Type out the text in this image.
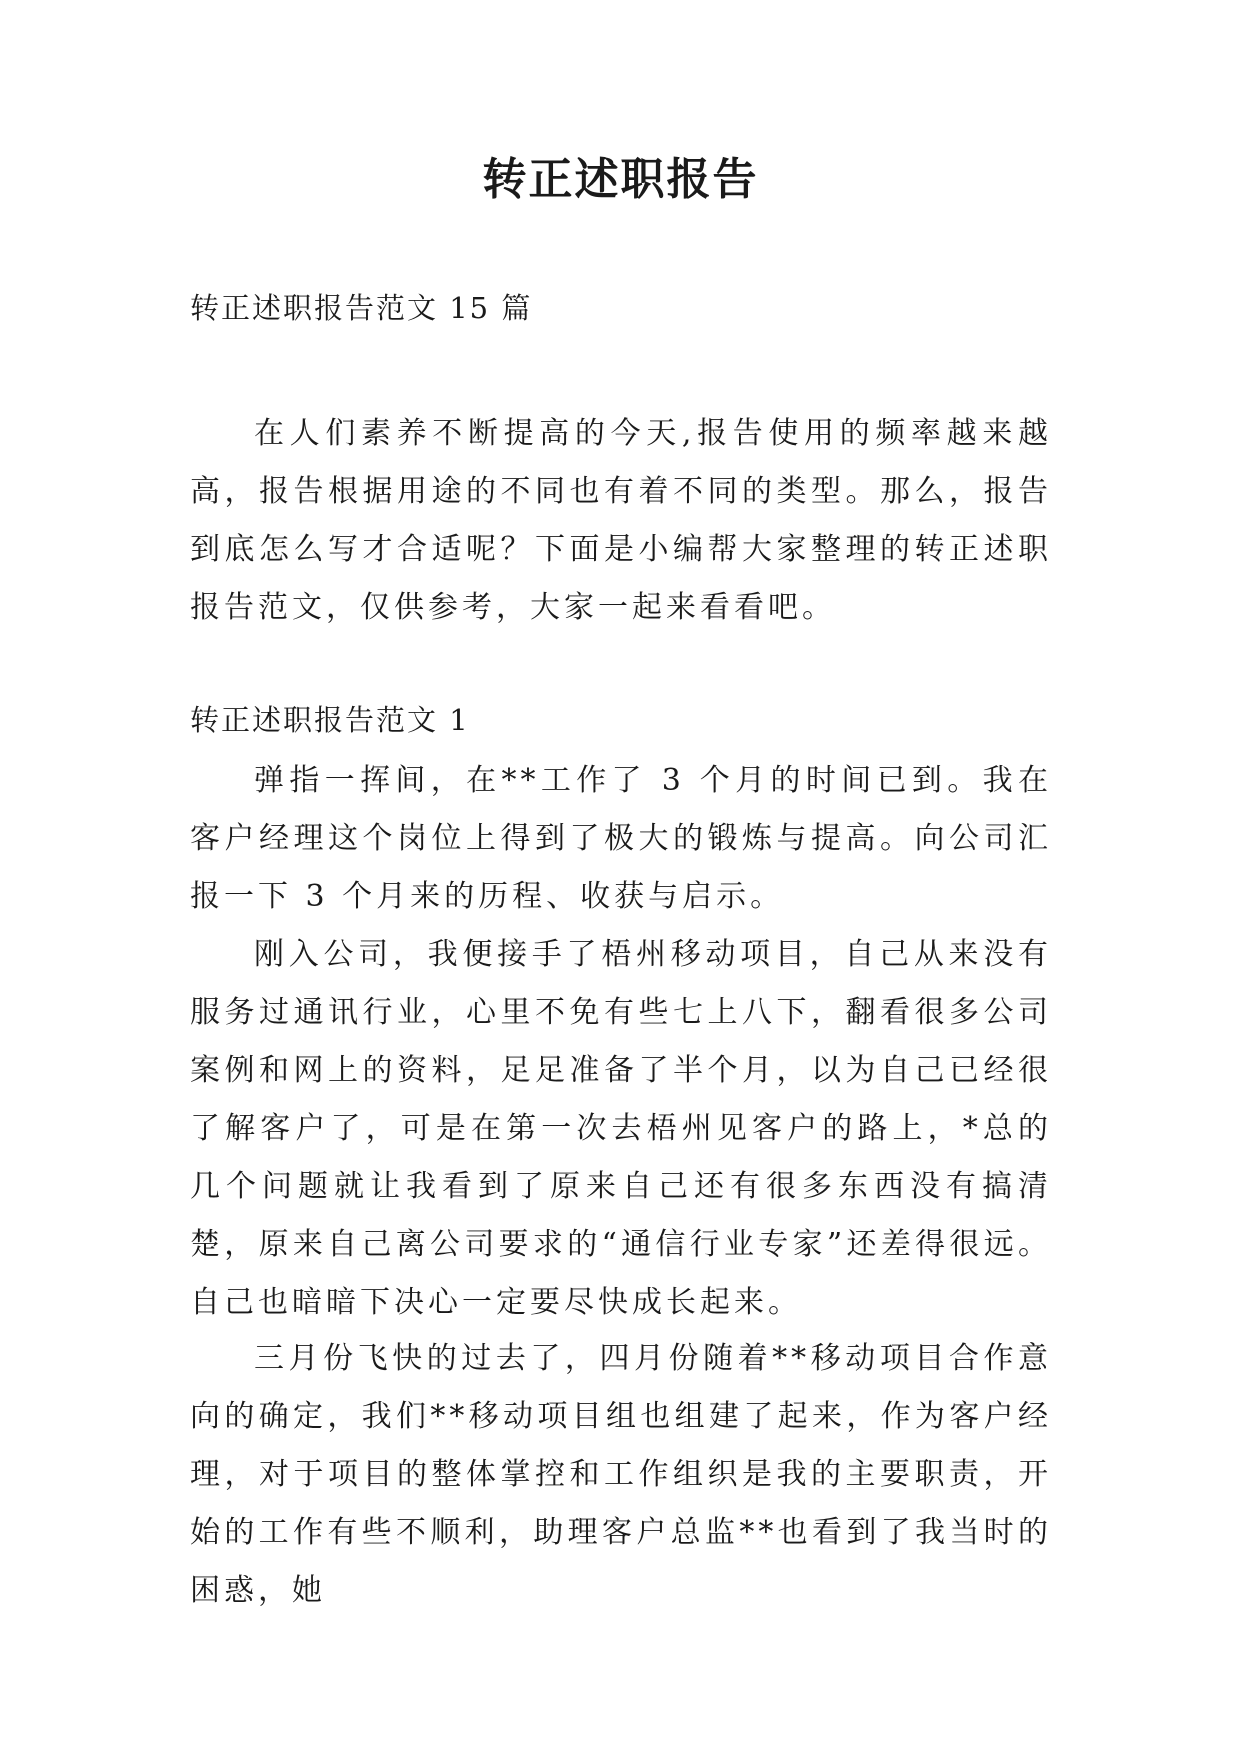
转正述职报告

转正述职报告范文 15 篇

在人们素养不断提高的今天,报告使用的频率越来越高，报告根据用途的不同也有着不同的类型。那么，报告到底怎么写才合适呢？下面是小编帮大家整理的转正述职报告范文，仅供参考，大家一起来看看吧。

转正述职报告范文 1

弹指一挥间，在**工作了 3 个月的时间已到。我在客户经理这个岗位上得到了极大的锻炼与提高。向公司汇报一下 3 个月来的历程、收获与启示。

刚入公司，我便接手了梧州移动项目，自己从来没有服务过通讯行业，心里不免有些七上八下，翻看很多公司案例和网上的资料，足足准备了半个月，以为自己已经很了解客户了，可是在第一次去梧州见客户的路上，*总的几个问题就让我看到了原来自己还有很多东西没有搞清楚，原来自己离公司要求的“通信行业专家”还差得很远。自己也暗暗下决心一定要尽快成长起来。

三月份飞快的过去了，四月份随着**移动项目合作意向的确定，我们**移动项目组也组建了起来，作为客户经理，对于项目的整体掌控和工作组织是我的主要职责，开始的工作有些不顺利，助理客户总监**也看到了我当时的困惑，她
